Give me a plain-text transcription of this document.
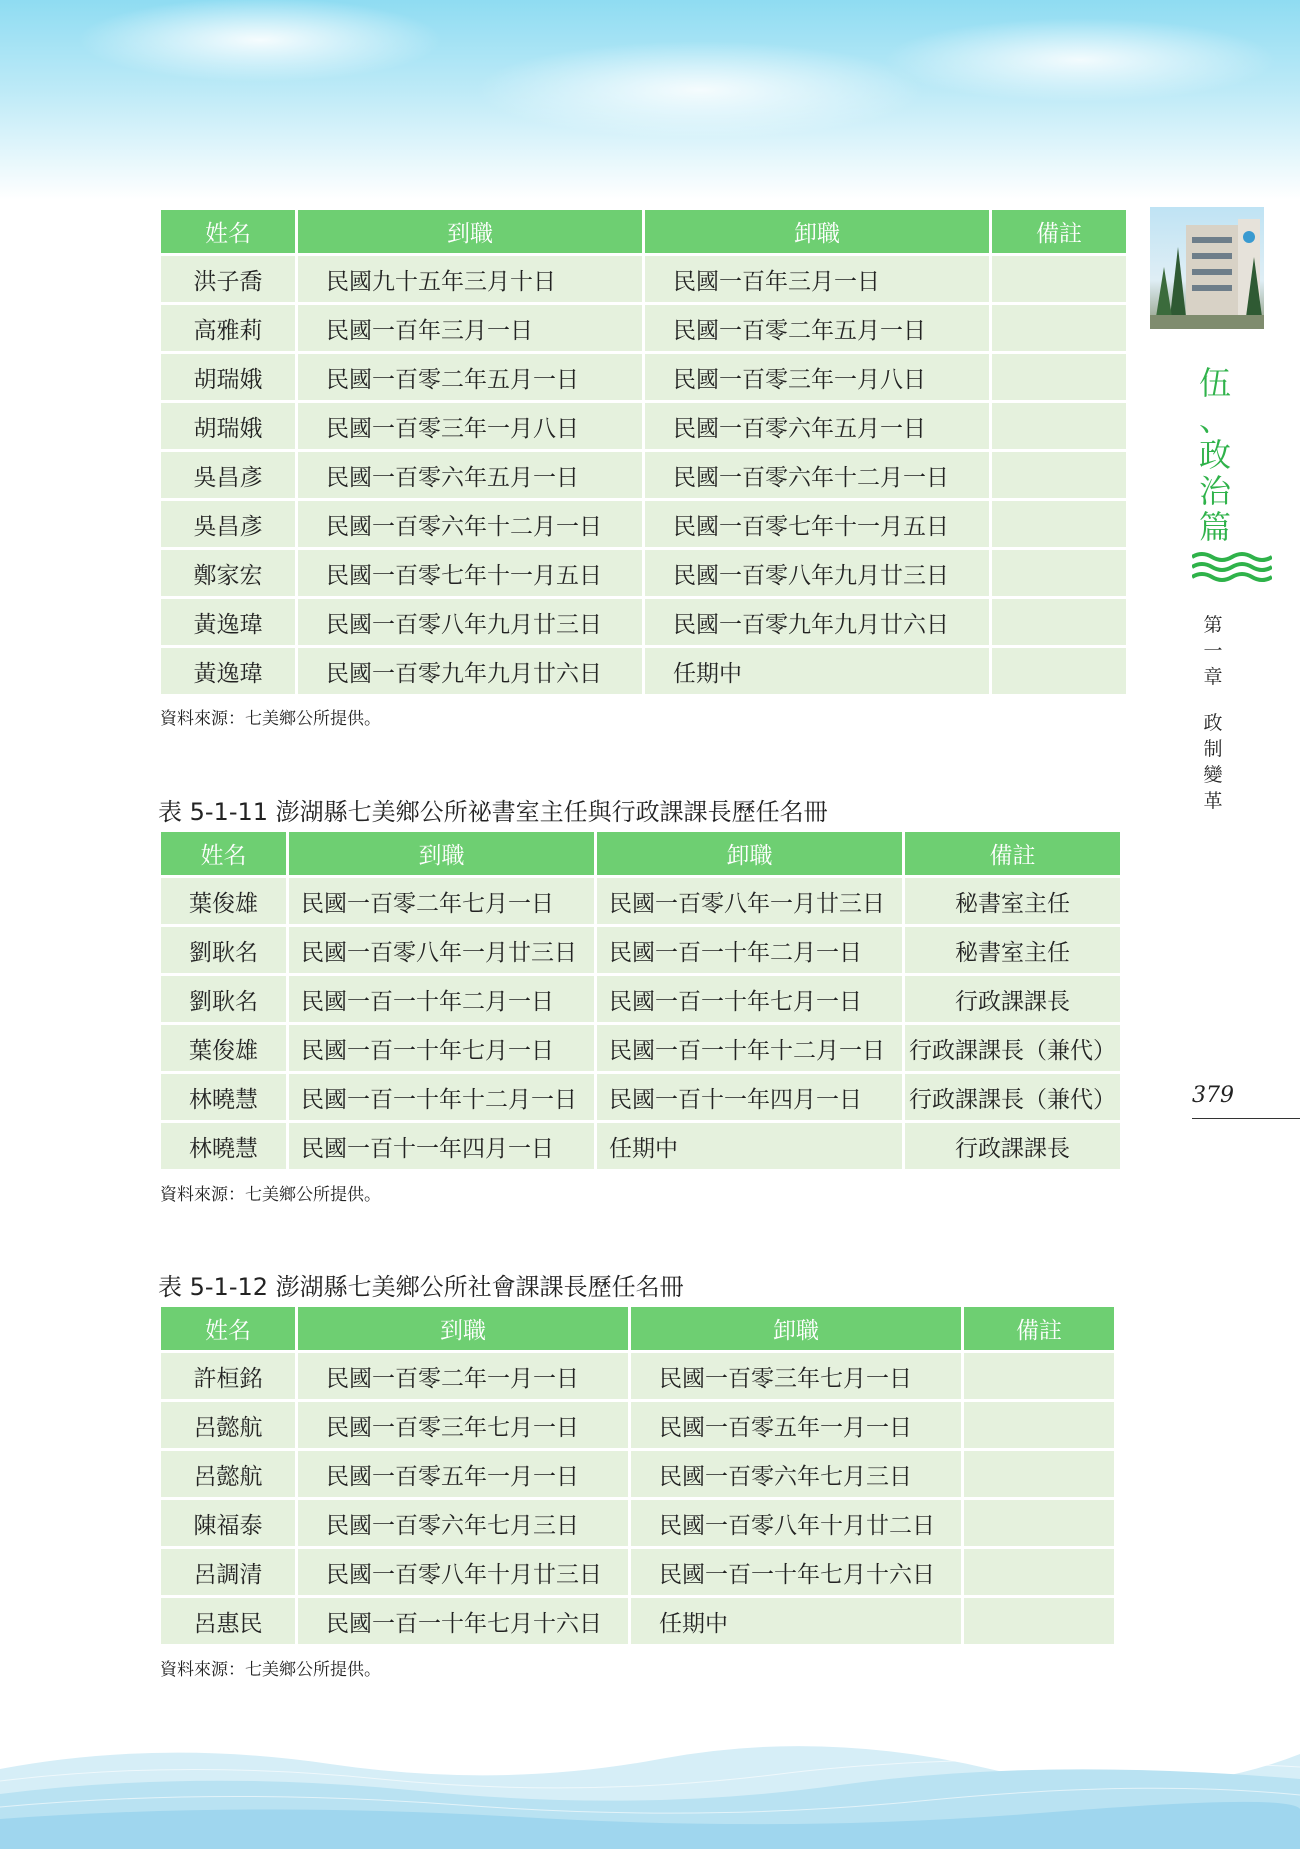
姓名	到職	卸職	備註
洪子喬	民國九十五年三月十日	民國一百年三月一日	
高雅莉	民國一百年三月一日	民國一百零二年五月一日	
胡瑞娥	民國一百零二年五月一日	民國一百零三年一月八日	
胡瑞娥	民國一百零三年一月八日	民國一百零六年五月一日	
吳昌彥	民國一百零六年五月一日	民國一百零六年十二月一日	
吳昌彥	民國一百零六年十二月一日	民國一百零七年十一月五日	
鄭家宏	民國一百零七年十一月五日	民國一百零八年九月廿三日	
黃逸瑋	民國一百零八年九月廿三日	民國一百零九年九月廿六日	
黃逸瑋	民國一百零九年九月廿六日	任期中	
資料來源：七美鄉公所提供。
表 5-1-11 澎湖縣七美鄉公所祕書室主任與行政課課長歷任名冊
姓名	到職	卸職	備註
葉俊雄	民國一百零二年七月一日	民國一百零八年一月廿三日	秘書室主任
劉耿名	民國一百零八年一月廿三日	民國一百一十年二月一日	秘書室主任
劉耿名	民國一百一十年二月一日	民國一百一十年七月一日	行政課課長
葉俊雄	民國一百一十年七月一日	民國一百一十年十二月一日	行政課課長（兼代）
林曉慧	民國一百一十年十二月一日	民國一百十一年四月一日	行政課課長（兼代）
林曉慧	民國一百十一年四月一日	任期中	行政課課長
資料來源：七美鄉公所提供。
表 5-1-12 澎湖縣七美鄉公所社會課課長歷任名冊
姓名	到職	卸職	備註
許桓銘	民國一百零二年一月一日	民國一百零三年七月一日	
呂懿航	民國一百零三年七月一日	民國一百零五年一月一日	
呂懿航	民國一百零五年一月一日	民國一百零六年七月三日	
陳福泰	民國一百零六年七月三日	民國一百零八年十月廿二日	
呂調清	民國一百零八年十月廿三日	民國一百一十年七月十六日	
呂惠民	民國一百一十年七月十六日	任期中	
資料來源：七美鄉公所提供。
伍
、
政
治
篇
第
一
章
政
制
變
革
379
